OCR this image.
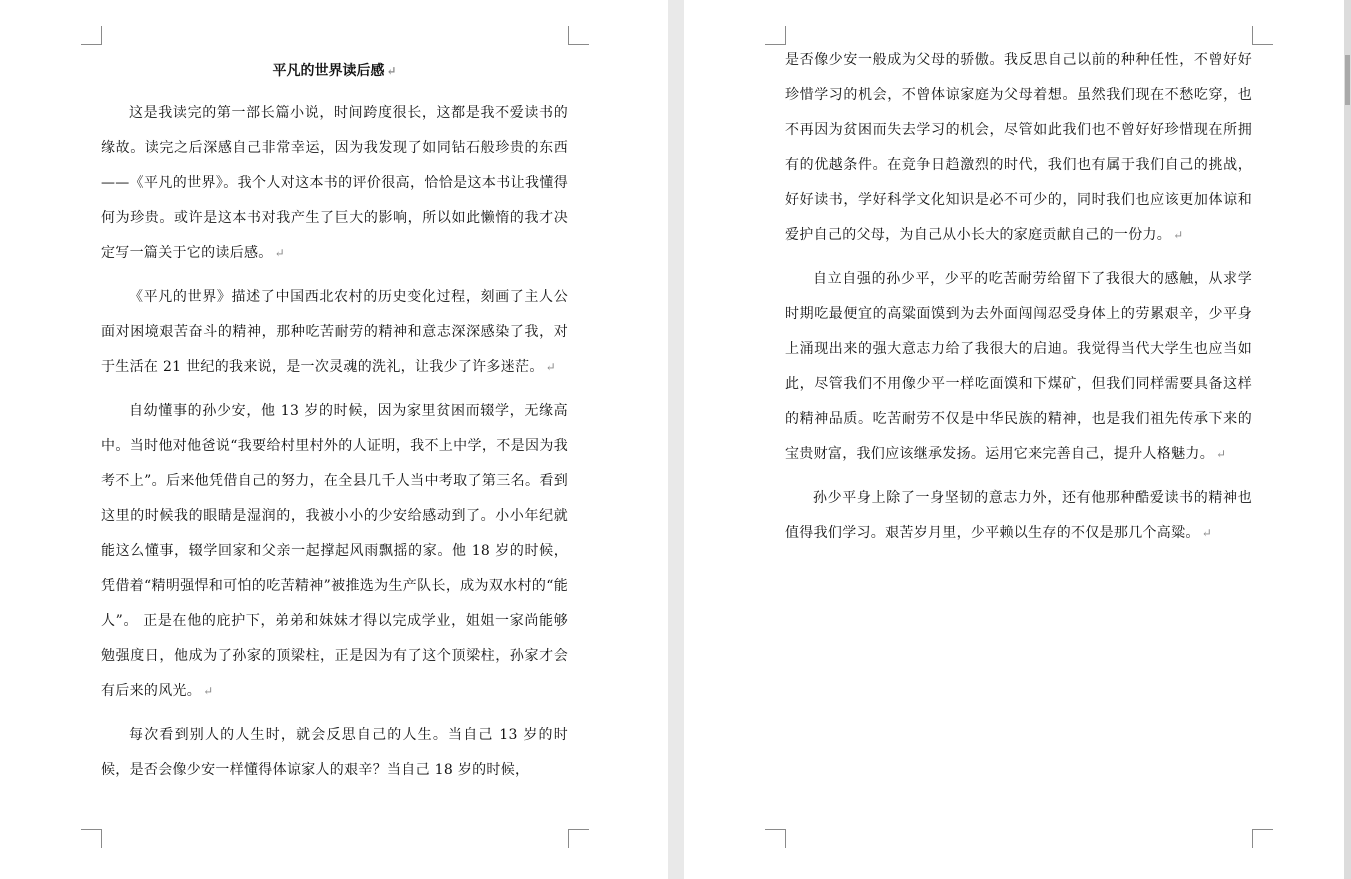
平凡的世界读后感 ↵

这是我读完的第一部长篇小说，时间跨度很长，这都是我不爱读书的缘故。读完之后深感自己非常幸运，因为我发现了如同钻石般珍贵的东西——《平凡的世界》。我个人对这本书的评价很高，恰恰是这本书让我懂得何为珍贵。或许是这本书对我产生了巨大的影响，所以如此懒惰的我才决定写一篇关于它的读后感。 ↵

《平凡的世界》描述了中国西北农村的历史变化过程，刻画了主人公面对困境艰苦奋斗的精神，那种吃苦耐劳的精神和意志深深感染了我，对于生活在 21 世纪的我来说，是一次灵魂的洗礼，让我少了许多迷茫。 ↵

自幼懂事的孙少安，他 13 岁的时候，因为家里贫困而辍学，无缘高中。当时他对他爸说“我要给村里村外的人证明，我不上中学，不是因为我考不上”。后来他凭借自己的努力，在全县几千人当中考取了第三名。看到这里的时候我的眼睛是湿润的，我被小小的少安给感动到了。小小年纪就能这么懂事，辍学回家和父亲一起撑起风雨飘摇的家。他 18 岁的时候，凭借着“精明强悍和可怕的吃苦精神”被推选为生产队长，成为双水村的“能人”。 正是在他的庇护下，弟弟和妹妹才得以完成学业，姐姐一家尚能够勉强度日，他成为了孙家的顶梁柱，正是因为有了这个顶梁柱，孙家才会有后来的风光。 ↵

每次看到别人的人生时，就会反思自己的人生。当自己 13 岁的时候，是否会像少安一样懂得体谅家人的艰辛？当自己 18 岁的时候，

是否像少安一般成为父母的骄傲。我反思自己以前的种种任性，不曾好好珍惜学习的机会，不曾体谅家庭为父母着想。虽然我们现在不愁吃穿，也不再因为贫困而失去学习的机会，尽管如此我们也不曾好好珍惜现在所拥有的优越条件。在竞争日趋激烈的时代，我们也有属于我们自己的挑战，好好读书，学好科学文化知识是必不可少的，同时我们也应该更加体谅和爱护自己的父母，为自己从小长大的家庭贡献自己的一份力。 ↵

自立自强的孙少平，少平的吃苦耐劳给留下了我很大的感触，从求学时期吃最便宜的高粱面馍到为去外面闯闯忍受身体上的劳累艰辛，少平身上涌现出来的强大意志力给了我很大的启迪。我觉得当代大学生也应当如此，尽管我们不用像少平一样吃面馍和下煤矿，但我们同样需要具备这样的精神品质。吃苦耐劳不仅是中华民族的精神，也是我们祖先传承下来的宝贵财富，我们应该继承发扬。运用它来完善自己，提升人格魅力。 ↵

孙少平身上除了一身坚韧的意志力外，还有他那种酷爱读书的精神也值得我们学习。艰苦岁月里，少平赖以生存的不仅是那几个高粱。 ↵
